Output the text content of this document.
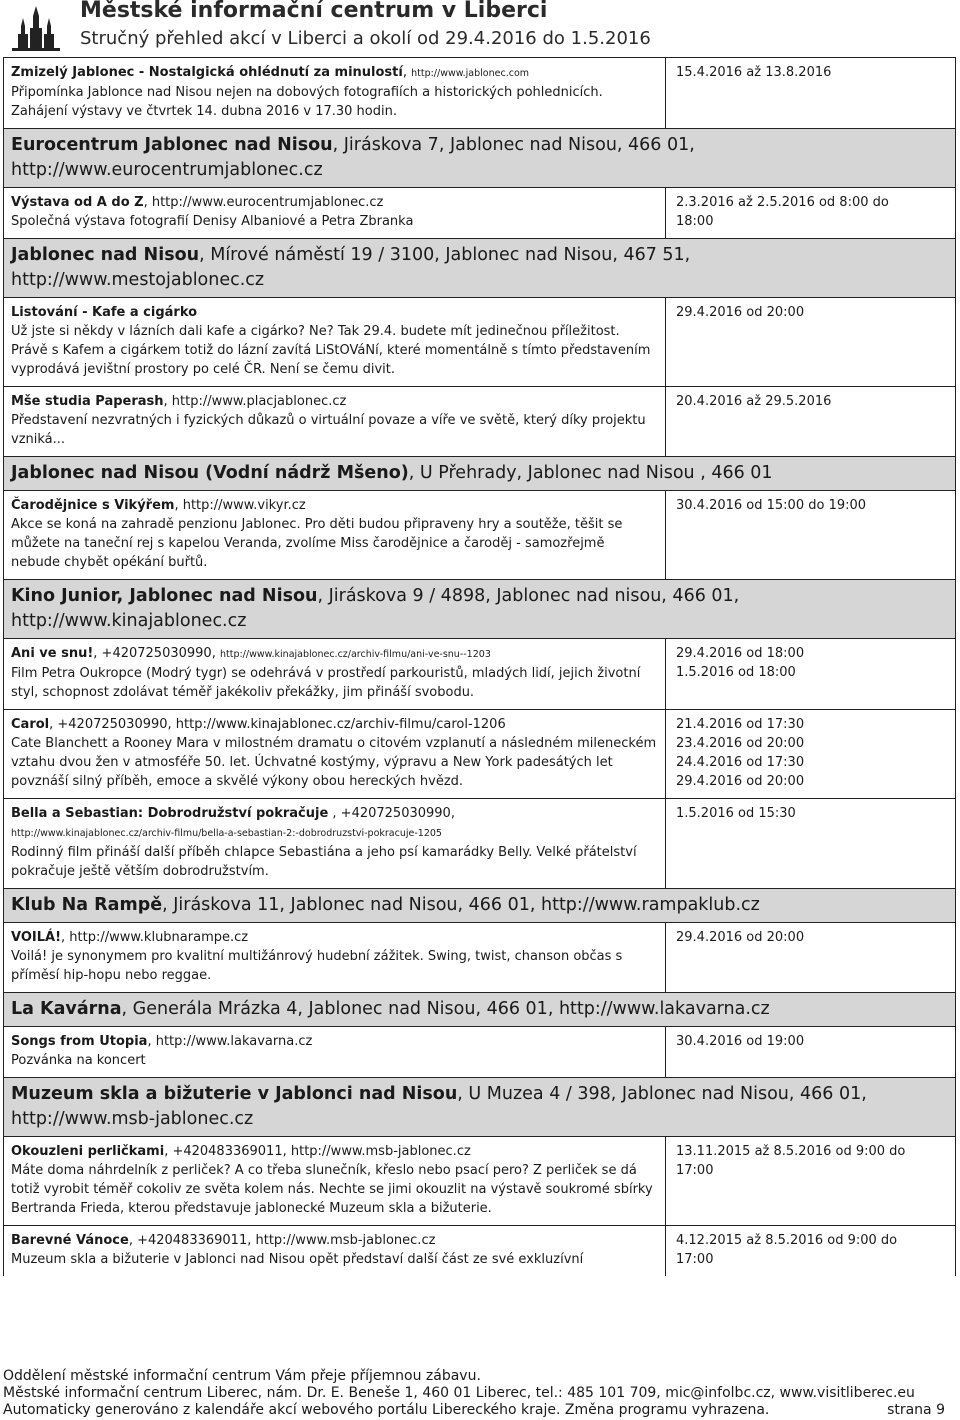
Městské informační centrum v Liberci
Stručný přehled akcí v Liberci a okolí od 29.4.2016 do 1.5.2016
Zmizelý Jablonec - Nostalgická ohlédnutí za minulostí, http://www.jablonec.com
Připomínka Jablonce nad Nisou nejen na dobových fotografiích a historických pohlednicích. Zahájení výstavy ve čtvrtek 14. dubna 2016 v 17.30 hodin.
15.4.2016 až 13.8.2016
Eurocentrum Jablonec nad Nisou, Jiráskova 7, Jablonec nad Nisou, 466 01, http://www.eurocentrumjablonec.cz
Výstava od A do Z, http://www.eurocentrumjablonec.cz
Společná výstava fotografií Denisy Albaniové a Petra Zbranka
2.3.2016 až 2.5.2016 od 8:00 do
18:00
Jablonec nad Nisou, Mírové náměstí 19 / 3100, Jablonec nad Nisou, 467 51, http://www.mestojablonec.cz
Listování - Kafe a cigárko
Už jste si někdy v lázních dali kafe a cigárko? Ne? Tak 29.4. budete mít jedinečnou příležitost. Právě s Kafem a cigárkem totiž do lázní zavítá LiStOVáNí, které momentálně s tímto představením vyprodává jevištní prostory po celé ČR. Není se čemu divit.
29.4.2016 od 20:00
Mše studia Paperash, http://www.placjablonec.cz
Představení nezvratných i fyzických důkazů o virtuální povaze a víře ve světě, který díky projektu vzniká...
20.4.2016 až 29.5.2016
Jablonec nad Nisou (Vodní nádrž Mšeno), U Přehrady, Jablonec nad Nisou , 466 01
Čarodějnice s Vikýřem, http://www.vikyr.cz
Akce se koná na zahradě penzionu Jablonec. Pro děti budou připraveny hry a soutěže, těšit se můžete na taneční rej s kapelou Veranda, zvolíme Miss čarodějnice a čaroděj - samozřejmě nebude chybět opékání buřtů.
30.4.2016 od 15:00 do 19:00
Kino Junior, Jablonec nad Nisou, Jiráskova 9 / 4898, Jablonec nad nisou, 466 01, http://www.kinajablonec.cz
Ani ve snu!, +420725030990, http://www.kinajablonec.cz/archiv-filmu/ani-ve-snu--1203
Film Petra Oukropce (Modrý tygr) se odehrává v prostředí parkouristů, mladých lidí, jejich životní styl, schopnost zdolávat téměř jakékoliv překážky, jim přináší svobodu.
29.4.2016 od 18:00
1.5.2016 od 18:00
Carol, +420725030990, http://www.kinajablonec.cz/archiv-filmu/carol-1206
Cate Blanchett a Rooney Mara v milostném dramatu o citovém vzplanutí a následném mileneckém vztahu dvou žen v atmosféře 50. let. Úchvatné kostýmy, výpravu a New York padesátých let povznáší silný příběh, emoce a skvělé výkony obou hereckých hvězd.
21.4.2016 od 17:30
23.4.2016 od 20:00
24.4.2016 od 17:30
29.4.2016 od 20:00
Bella a Sebastian: Dobrodružství pokračuje , +420725030990,
http://www.kinajablonec.cz/archiv-filmu/bella-a-sebastian-2:-dobrodruzstvi-pokracuje-1205
Rodinný film přináší další příběh chlapce Sebastiána a jeho psí kamarádky Belly. Velké přátelství pokračuje ještě větším dobrodružstvím.
1.5.2016 od 15:30
Klub Na Rampě, Jiráskova 11, Jablonec nad Nisou, 466 01, http://www.rampaklub.cz
VOILÁ!, http://www.klubnarampe.cz
Voilá! je synonymem pro kvalitní multižánrový hudební zážitek. Swing, twist, chanson občas s příměsí hip-hopu nebo reggae.
29.4.2016 od 20:00
La Kavárna, Generála Mrázka 4, Jablonec nad Nisou, 466 01, http://www.lakavarna.cz
Songs from Utopia, http://www.lakavarna.cz
Pozvánka na koncert
30.4.2016 od 19:00
Muzeum skla a bižuterie v Jablonci nad Nisou, U Muzea 4 / 398, Jablonec nad Nisou, 466 01, http://www.msb-jablonec.cz
Okouzleni perličkami, +420483369011, http://www.msb-jablonec.cz
Máte doma náhrdelník z perliček? A co třeba slunečník, křeslo nebo psací pero? Z perliček se dá totiž vyrobit téměř cokoliv ze světa kolem nás. Nechte se jimi okouzlit na výstavě soukromé sbírky Bertranda Frieda, kterou představuje jablonecké Muzeum skla a bižuterie.
13.11.2015 až 8.5.2016 od 9:00 do
17:00
Barevné Vánoce, +420483369011, http://www.msb-jablonec.cz
Muzeum skla a bižuterie v Jablonci nad Nisou opět představí další část ze své exkluzívní
4.12.2015 až 8.5.2016 od 9:00 do
17:00
Oddělení městské informační centrum Vám přeje příjemnou zábavu.
Městské informační centrum Liberec, nám. Dr. E. Beneše 1, 460 01 Liberec, tel.: 485 101 709, mic@infolbc.cz, www.visitliberec.eu
Automaticky generováno z kalendáře akcí webového portálu Libereckého kraje. Změna programu vyhrazena.	strana 9
